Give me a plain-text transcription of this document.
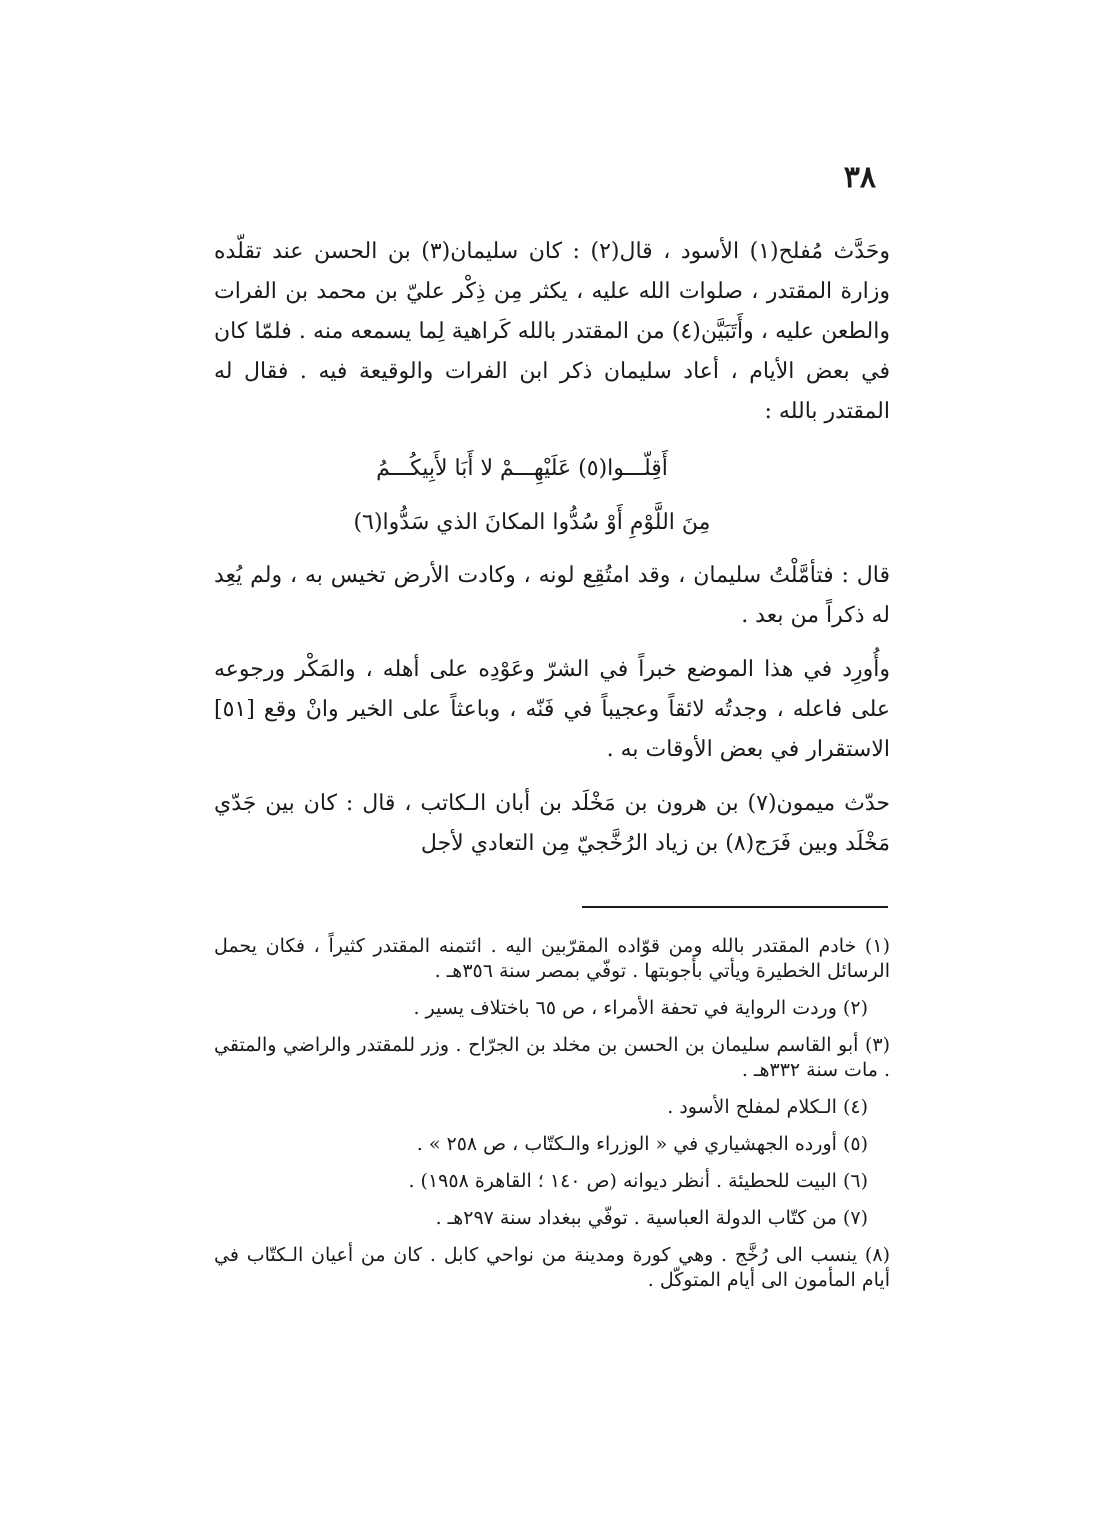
٣٨

وحَدَّث مُفلح(١) الأسود ، قال(٢) : كان سليمان(٣) بن الحسن عند تقلّده وزارة المقتدر ، صلوات الله عليه ، يكثر مِن ذِكْر عليّ بن محمد بن الفرات والطعن عليه ، وأَتَبَيَّن(٤) من المقتدر بالله كَراهية لِما يسمعه منه . فلمّا كان في بعض الأيام ، أعاد سليمان ذكر ابن الفرات والوقيعة فيه . فقال له المقتدر بالله :

أَقِلّـــوا(٥) عَلَيْهِـــمْ لا أَبَا لأَبِيكُـــمُ
مِنَ اللَّوْمِ أَوْ سُدُّوا المكانَ الذي سَدُّوا(٦)

قال : فتأمَّلْتُ سليمان ، وقد امتُقِع لونه ، وكادت الأرض تخيس به ، ولم يُعِد له ذكراً من بعد .

وأُورِد في هذا الموضع خبراً في الشرّ وعَوْدِه على أهله ، والمَكْر ورجوعه على فاعله ، وجدتُه لائقاً وعجيباً في فَنّه ، وباعثاً على الخير وانْ وقع [٥١] الاستقرار في بعض الأوقات به .

حدّث ميمون(٧) بن هرون بن مَخْلَد بن أبان الـكاتب ، قال : كان بين جَدّي مَخْلَد وبين فَرَج(٨) بن زياد الرُخَّجيّ مِن التعادي لأجل

(١) خادم المقتدر بالله ومن قوّاده المقرّبين اليه . ائتمنه المقتدر كثيراً ، فكان يحمل الرسائل الخطيرة ويأتي بأجوبتها . توفّي بمصر سنة ٣٥٦هـ .

(٢) وردت الرواية في تحفة الأمراء ، ص ٦٥ باختلاف يسير .

(٣) أبو القاسم سليمان بن الحسن بن مخلد بن الجرّاح . وزر للمقتدر والراضي والمتقي . مات سنة ٣٣٢هـ .

(٤) الـكلام لمفلح الأسود .

(٥) أورده الجهشياري في « الوزراء والـكتّاب ، ص ٢٥٨ » .

(٦) البيت للحطيئة . أنظر ديوانه (ص ١٤٠ ؛ القاهرة ١٩٥٨) .

(٧) من كتّاب الدولة العباسية . توفّي ببغداد سنة ٢٩٧هـ .

(٨) ينسب الى رُخَّج . وهي كورة ومدينة من نواحي كابل . كان من أعيان الـكتّاب في أيام المأمون الى أيام المتوكّل .
